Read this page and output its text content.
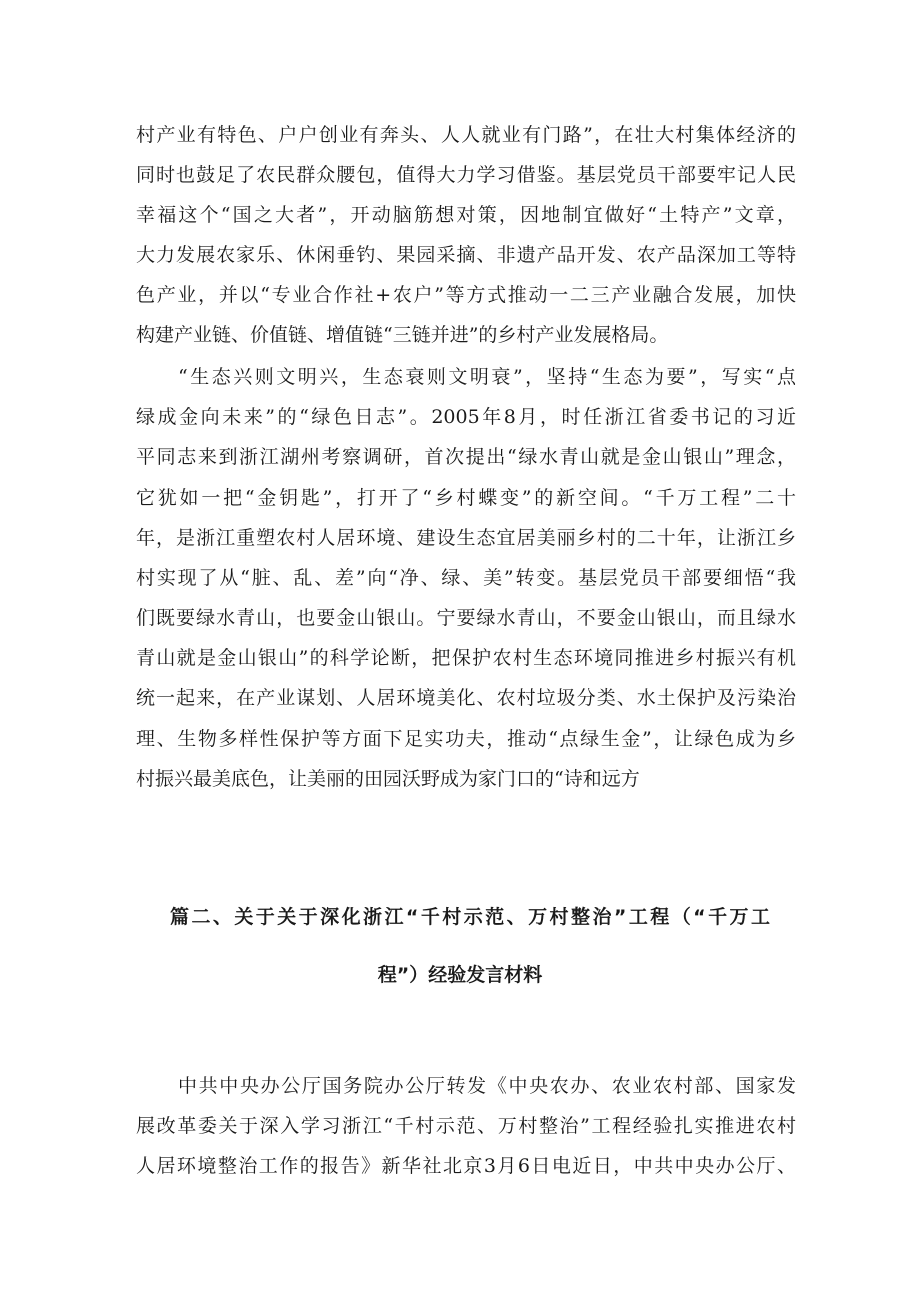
村产业有特色、户户创业有奔头、人人就业有门路”，在壮大村集体经济的
同时也鼓足了农民群众腰包，值得大力学习借鉴。基层党员干部要牢记人民
幸福这个“国之大者”，开动脑筋想对策，因地制宜做好“土特产”文章，
大力发展农家乐、休闲垂钓、果园采摘、非遗产品开发、农产品深加工等特
色产业，并以“专业合作社+农户”等方式推动一二三产业融合发展，加快
构建产业链、价值链、增值链“三链并进”的乡村产业发展格局。
“生态兴则文明兴，生态衰则文明衰”，坚持“生态为要”，写实“点
绿成金向未来”的“绿色日志”。2005年8月，时任浙江省委书记的习近
平同志来到浙江湖州考察调研，首次提出“绿水青山就是金山银山”理念，
它犹如一把“金钥匙”，打开了“乡村蝶变”的新空间。“千万工程”二十
年，是浙江重塑农村人居环境、建设生态宜居美丽乡村的二十年，让浙江乡
村实现了从“脏、乱、差”向“净、绿、美”转变。基层党员干部要细悟“我
们既要绿水青山，也要金山银山。宁要绿水青山，不要金山银山，而且绿水
青山就是金山银山”的科学论断，把保护农村生态环境同推进乡村振兴有机
统一起来，在产业谋划、人居环境美化、农村垃圾分类、水土保护及污染治
理、生物多样性保护等方面下足实功夫，推动“点绿生金”，让绿色成为乡
村振兴最美底色，让美丽的田园沃野成为家门口的“诗和远方
篇二、关于关于深化浙江“千村示范、万村整治”工程（“千万工
程”）经验发言材料
中共中央办公厅国务院办公厅转发《中央农办、农业农村部、国家发
展改革委关于深入学习浙江“千村示范、万村整治”工程经验扎实推进农村
人居环境整治工作的报告》新华社北京3月6日电近日，中共中央办公厅、
